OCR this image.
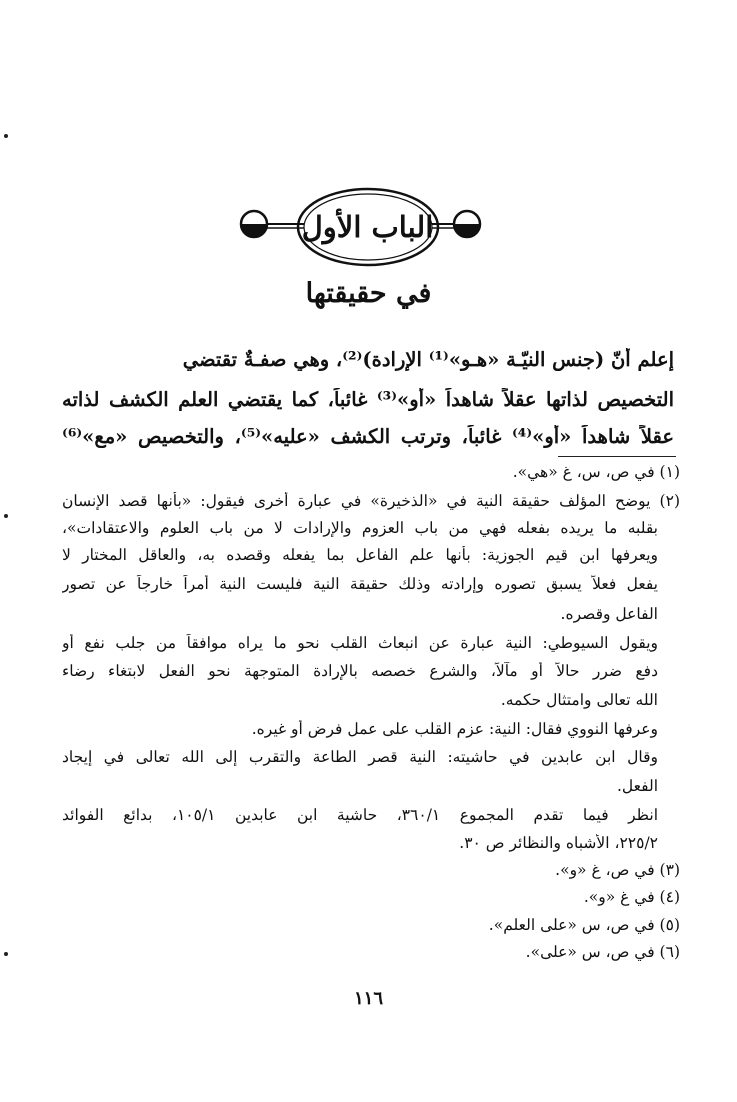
الباب الأول
في حقيقتها
إعلم أنّ (جنس النيّـة «هـو»⁽¹⁾ الإرادة)⁽²⁾، وهي صفـةٌ تقتضي
التخصيص لذاتها عقلاً شاهداً «أو»⁽³⁾ غائباً، كما يقتضي العلم الكشف لذاته
عقلاً شاهداً «أو»⁽⁴⁾ غائباً، وترتب الكشف «عليه»⁽⁵⁾، والتخصيص «مع»⁽⁶⁾
(١) في ص، س، غ «هي».
(٢) يوضح المؤلف حقيقة النية في «الذخيرة» في عبارة أخرى فيقول: «بأنها قصد الإنسان
بقلبه ما يريده بفعله فهي من باب العزوم والإرادات لا من باب العلوم والاعتقادات»،
ويعرفها ابن قيم الجوزية: بأنها علم الفاعل بما يفعله وقصده به، والعاقل المختار لا
يفعل فعلاً يسبق تصوره وإرادته وذلك حقيقة النية فليست النية أمراً خارجاً عن تصور
الفاعل وقصره.
ويقول السيوطي: النية عبارة عن انبعاث القلب نحو ما يراه موافقاً من جلب نفع أو
دفع ضرر حالاً أو مآلاً، والشرع خصصه بالإرادة المتوجهة نحو الفعل لابتغاء رضاء
الله تعالى وامتثال حكمه.
وعرفها النووي فقال: النية: عزم القلب على عمل فرض أو غيره.
وقال ابن عابدين في حاشيته: النية قصر الطاعة والتقرب إلى الله تعالى في إيجاد
الفعل.
انظر فيما تقدم المجموع ٣٦٠/١، حاشية ابن عابدين ١٠٥/١، بدائع الفوائد
٢٢٥/٢، الأشباه والنظائر ص ٣٠.
(٣) في ص، غ «و».
(٤) في غ «و».
(٥) في ص، س «على العلم».
(٦) في ص، س «على».
١١٦
